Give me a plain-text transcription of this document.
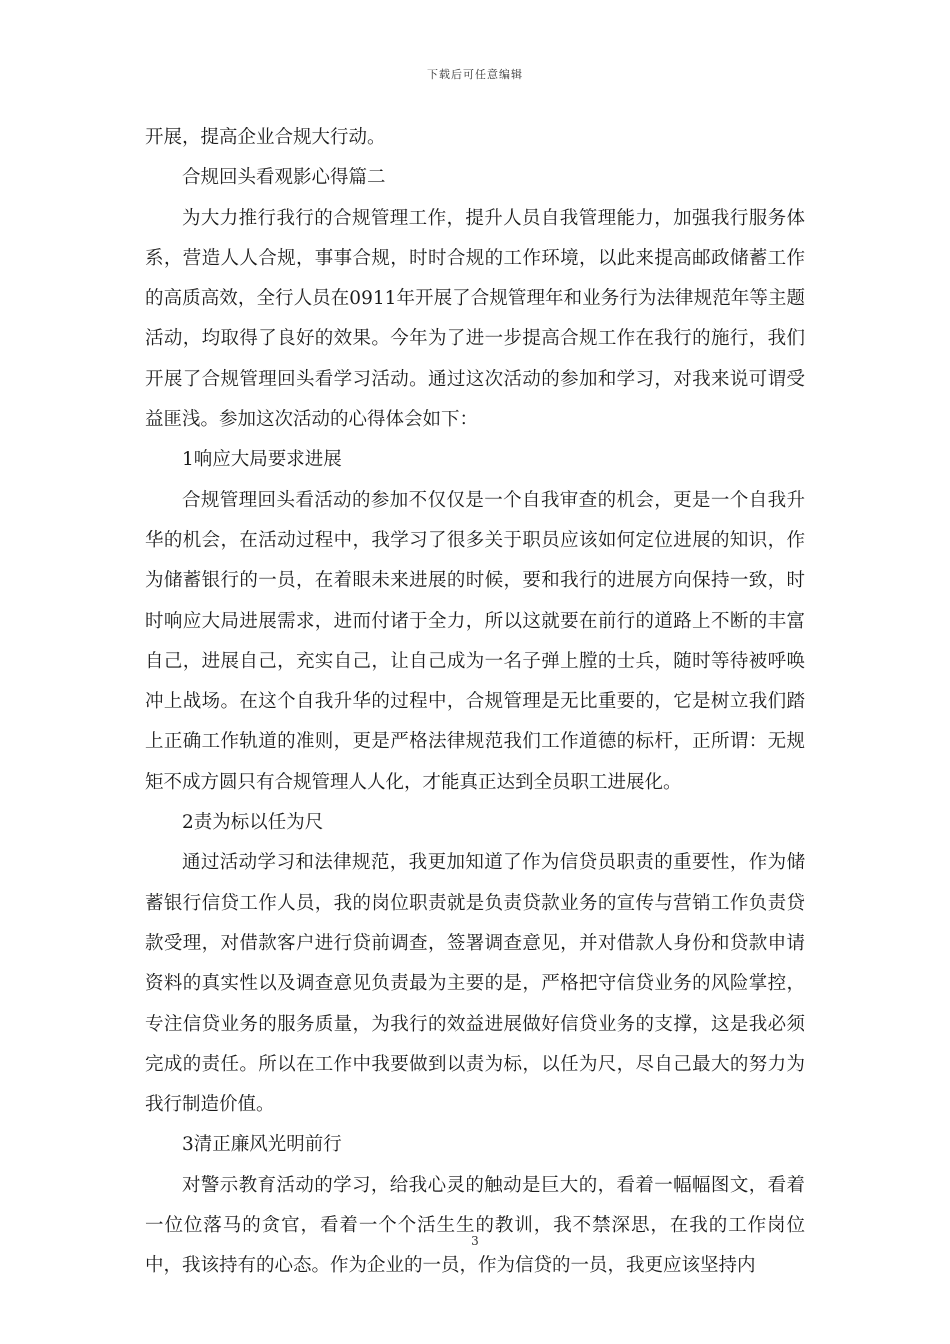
下载后可任意编辑

开展，提高企业合规大行动。

合规回头看观影心得篇二

为大力推行我行的合规管理工作，提升人员自我管理能力，加强我行服务体系，营造人人合规，事事合规，时时合规的工作环境，以此来提高邮政储蓄工作的高质高效，全行人员在0911年开展了合规管理年和业务行为法律规范年等主题活动，均取得了良好的效果。今年为了进一步提高合规工作在我行的施行，我们开展了合规管理回头看学习活动。通过这次活动的参加和学习，对我来说可谓受益匪浅。参加这次活动的心得体会如下：

1响应大局要求进展

合规管理回头看活动的参加不仅仅是一个自我审查的机会，更是一个自我升华的机会，在活动过程中，我学习了很多关于职员应该如何定位进展的知识，作为储蓄银行的一员，在着眼未来进展的时候，要和我行的进展方向保持一致，时时响应大局进展需求，进而付诸于全力，所以这就要在前行的道路上不断的丰富自己，进展自己，充实自己，让自己成为一名子弹上膛的士兵，随时等待被呼唤冲上战场。在这个自我升华的过程中，合规管理是无比重要的，它是树立我们踏上正确工作轨道的准则，更是严格法律规范我们工作道德的标杆，正所谓：无规矩不成方圆只有合规管理人人化，才能真正达到全员职工进展化。

2责为标以任为尺

通过活动学习和法律规范，我更加知道了作为信贷员职责的重要性，作为储蓄银行信贷工作人员，我的岗位职责就是负责贷款业务的宣传与营销工作负责贷款受理，对借款客户进行贷前调查，签署调查意见，并对借款人身份和贷款申请资料的真实性以及调查意见负责最为主要的是，严格把守信贷业务的风险掌控，专注信贷业务的服务质量，为我行的效益进展做好信贷业务的支撑，这是我必须完成的责任。所以在工作中我要做到以责为标，以任为尺，尽自己最大的努力为我行制造价值。

3清正廉风光明前行

对警示教育活动的学习，给我心灵的触动是巨大的，看着一幅幅图文，看着一位位落马的贪官，看着一个个活生生的教训，我不禁深思，在我的工作岗位中，我该持有的心态。作为企业的一员，作为信贷的一员，我更应该坚持内

3
